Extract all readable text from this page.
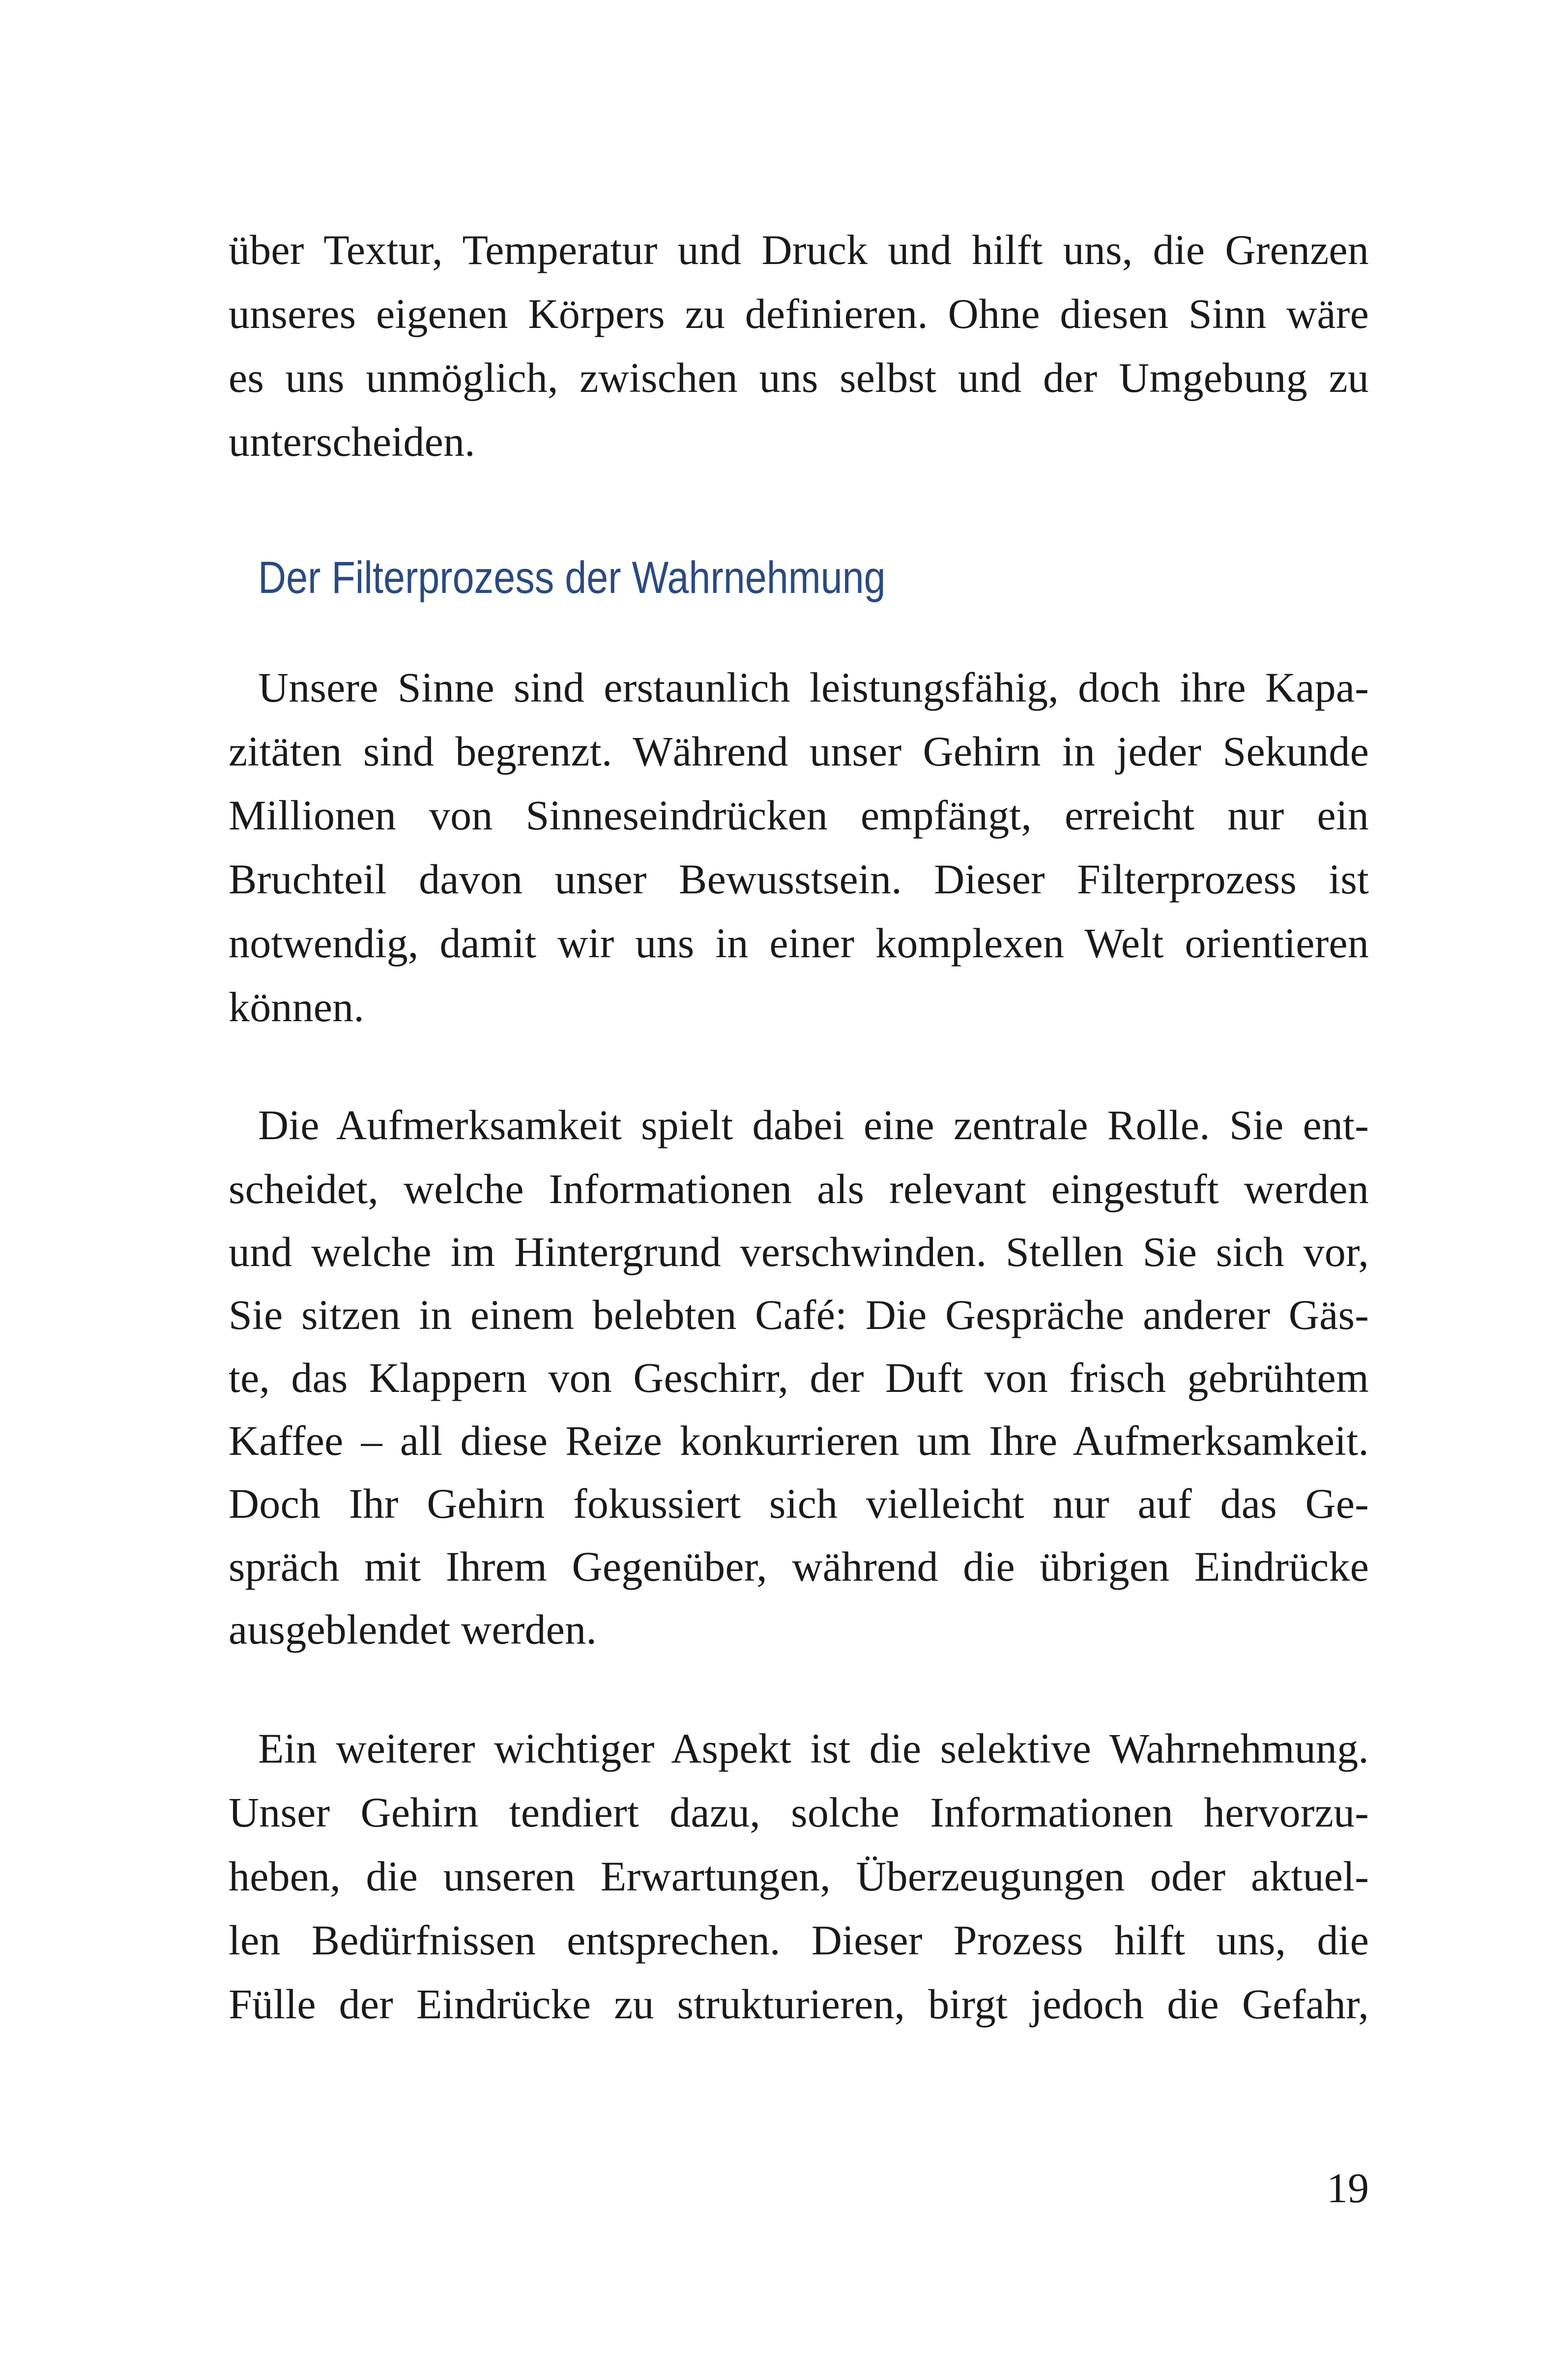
über Textur, Temperatur und Druck und hilft uns, die Grenzen
unseres eigenen Körpers zu definieren. Ohne diesen Sinn wäre
es uns unmöglich, zwischen uns selbst und der Umgebung zu
unterscheiden.
Der Filterprozess der Wahrnehmung
Unsere Sinne sind erstaunlich leistungsfähig, doch ihre Kapa-
zitäten sind begrenzt. Während unser Gehirn in jeder Sekunde
Millionen von Sinneseindrücken empfängt, erreicht nur ein
Bruchteil davon unser Bewusstsein. Dieser Filterprozess ist
notwendig, damit wir uns in einer komplexen Welt orientieren
können.
Die Aufmerksamkeit spielt dabei eine zentrale Rolle. Sie ent-
scheidet, welche Informationen als relevant eingestuft werden
und welche im Hintergrund verschwinden. Stellen Sie sich vor,
Sie sitzen in einem belebten Café: Die Gespräche anderer Gäs-
te, das Klappern von Geschirr, der Duft von frisch gebrühtem
Kaffee – all diese Reize konkurrieren um Ihre Aufmerksamkeit.
Doch Ihr Gehirn fokussiert sich vielleicht nur auf das Ge-
spräch mit Ihrem Gegenüber, während die übrigen Eindrücke
ausgeblendet werden.
Ein weiterer wichtiger Aspekt ist die selektive Wahrnehmung.
Unser Gehirn tendiert dazu, solche Informationen hervorzu-
heben, die unseren Erwartungen, Überzeugungen oder aktuel-
len Bedürfnissen entsprechen. Dieser Prozess hilft uns, die
Fülle der Eindrücke zu strukturieren, birgt jedoch die Gefahr,
19
